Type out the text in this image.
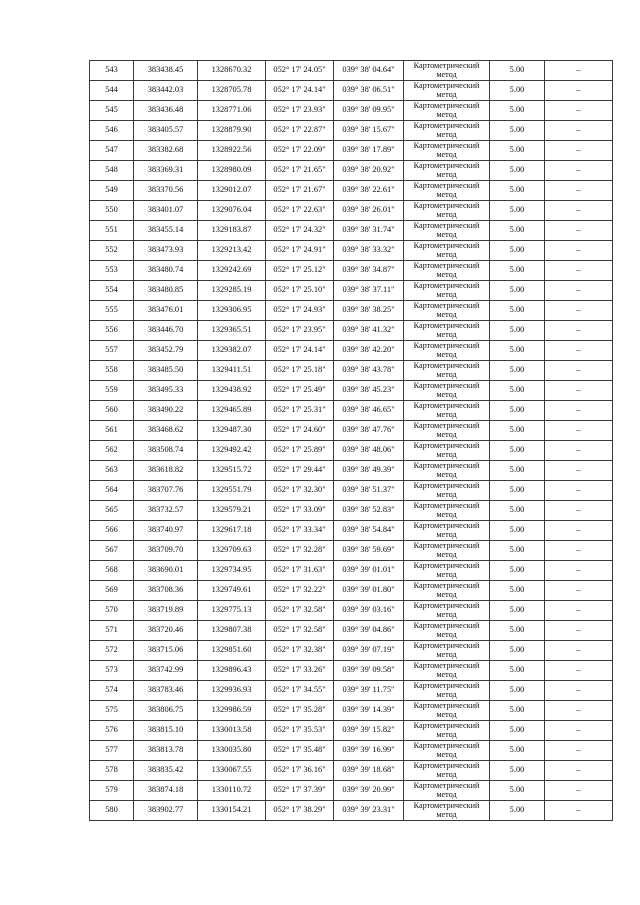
543	383438.45	1328670.32	052° 17' 24.05"	039° 38' 04.64"	Картометрический метод	5.00	–
544	383442.03	1328705.78	052° 17' 24.14"	039° 38' 06.51"	Картометрический метод	5.00	–
545	383436.48	1328771.06	052° 17' 23.93"	039° 38' 09.95"	Картометрический метод	5.00	–
546	383405.57	1328879.90	052° 17' 22.87"	039° 38' 15.67"	Картометрический метод	5.00	–
547	383382.68	1328922.56	052° 17' 22.09"	039° 38' 17.89"	Картометрический метод	5.00	–
548	383369.31	1328980.09	052° 17' 21.65"	039° 38' 20.92"	Картометрический метод	5.00	–
549	383370.56	1329012.07	052° 17' 21.67"	039° 38' 22.61"	Картометрический метод	5.00	–
550	383401.07	1329076.04	052° 17' 22.63"	039° 38' 26.01"	Картометрический метод	5.00	–
551	383455.14	1329183.87	052° 17' 24.32"	039° 38' 31.74"	Картометрический метод	5.00	–
552	383473.93	1329213.42	052° 17' 24.91"	039° 38' 33.32"	Картометрический метод	5.00	–
553	383480.74	1329242.69	052° 17' 25.12"	039° 38' 34.87"	Картометрический метод	5.00	–
554	383480.85	1329285.19	052° 17' 25.10"	039° 38' 37.11"	Картометрический метод	5.00	–
555	383476.01	1329306.95	052° 17' 24.93"	039° 38' 38.25"	Картометрический метод	5.00	–
556	383446.70	1329365.51	052° 17' 23.95"	039° 38' 41.32"	Картометрический метод	5.00	–
557	383452.79	1329382.07	052° 17' 24.14"	039° 38' 42.20"	Картометрический метод	5.00	–
558	383485.50	1329411.51	052° 17' 25.18"	039° 38' 43.78"	Картометрический метод	5.00	–
559	383495.33	1329438.92	052° 17' 25.49"	039° 38' 45.23"	Картометрический метод	5.00	–
560	383490.22	1329465.89	052° 17' 25.31"	039° 38' 46.65"	Картометрический метод	5.00	–
561	383468.62	1329487.30	052° 17' 24.60"	039° 38' 47.76"	Картометрический метод	5.00	–
562	383508.74	1329492.42	052° 17' 25.89"	039° 38' 48.06"	Картометрический метод	5.00	–
563	383618.82	1329515.72	052° 17' 29.44"	039° 38' 49.39"	Картометрический метод	5.00	–
564	383707.76	1329551.79	052° 17' 32.30"	039° 38' 51.37"	Картометрический метод	5.00	–
565	383732.57	1329579.21	052° 17' 33.09"	039° 38' 52.83"	Картометрический метод	5.00	–
566	383740.97	1329617.18	052° 17' 33.34"	039° 38' 54.84"	Картометрический метод	5.00	–
567	383709.70	1329709.63	052° 17' 32.28"	039° 38' 59.69"	Картометрический метод	5.00	–
568	383690.01	1329734.95	052° 17' 31.63"	039° 39' 01.01"	Картометрический метод	5.00	–
569	383708.36	1329749.61	052° 17' 32.22"	039° 39' 01.80"	Картометрический метод	5.00	–
570	383719.89	1329775.13	052° 17' 32.58"	039° 39' 03.16"	Картометрический метод	5.00	–
571	383720.46	1329807.38	052° 17' 32.58"	039° 39' 04.86"	Картометрический метод	5.00	–
572	383715.06	1329851.60	052° 17' 32.38"	039° 39' 07.19"	Картометрический метод	5.00	–
573	383742.99	1329896.43	052° 17' 33.26"	039° 39' 09.58"	Картометрический метод	5.00	–
574	383783.46	1329936.93	052° 17' 34.55"	039° 39' 11.75"	Картометрический метод	5.00	–
575	383806.75	1329986.59	052° 17' 35.28"	039° 39' 14.39"	Картометрический метод	5.00	–
576	383815.10	1330013.58	052° 17' 35.53"	039° 39' 15.82"	Картометрический метод	5.00	–
577	383813.78	1330035.80	052° 17' 35.48"	039° 39' 16.99"	Картометрический метод	5.00	–
578	383835.42	1330067.55	052° 17' 36.16"	039° 39' 18.68"	Картометрический метод	5.00	–
579	383874.18	1330110.72	052° 17' 37.39"	039° 39' 20.99"	Картометрический метод	5.00	–
580	383902.77	1330154.21	052° 17' 38.29"	039° 39' 23.31"	Картометрический метод	5.00	–
